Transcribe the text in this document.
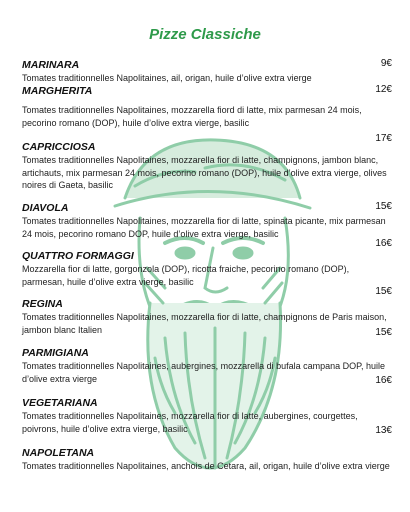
Pizze Classiche
MARINARA

Tomates traditionnelles Napolitaines, ail, origan, huile d’olive extra vierge

9€
MARGHERITA

Tomates traditionnelles Napolitaines, mozzarella fiord di latte, mix parmesan 24 mois, pecorino romano (DOP), huile d’olive extra vierge, basilic

12€
CAPRICCIOSA

Tomates traditionnelles Napolitaines, mozzarella fior di latte, champignons, jambon blanc, artichauts, mix parmesan 24 mois, pecorino romano (DOP), huile d’olive extra vierge, olives noires di Gaeta, basilic

17€
DIAVOLA

Tomates traditionnelles Napolitaines, mozzarella fior di latte, spinata picante, mix parmesan 24 mois, pecorino romano DOP, huile d’olive extra vierge, basilic

15€
QUATTRO FORMAGGI

Mozzarella fior di latte, gorgonzola (DOP), ricotta fraiche, pecorino romano (DOP), parmesan, huile d’olive extra vierge, basilic

16€
REGINA

Tomates traditionnelles Napolitaines, mozzarella fior di latte, champignons de Paris maison, jambon blanc Italien

15€
PARMIGIANA

Tomates traditionnelles Napolitaines, aubergines, mozzarella di bufala campana DOP, huile d’olive extra vierge

15€
VEGETARIANA

Tomates traditionnelles Napolitaines, mozzarella fior di latte, aubergines, courgettes, poivrons, huile d’olive extra vierge, basilic

16€
NAPOLETANA

Tomates traditionnelles Napolitaines, anchois de Cetara, ail, origan, huile d’olive extra vierge

13€
